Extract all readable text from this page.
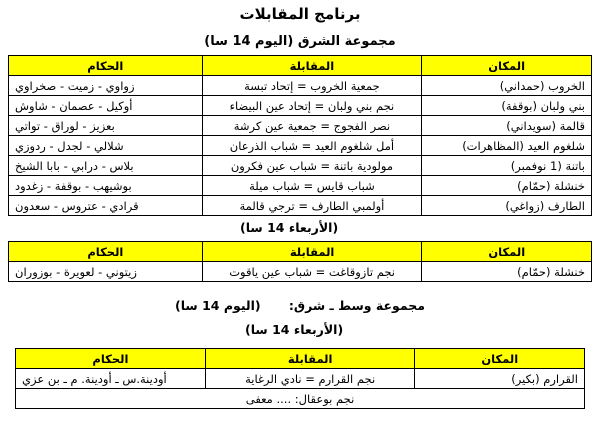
برنامج المقابلات
مجموعة الشرق (اليوم 14 سا)
المكان	المقابلة	الحكام
الخروب (حمداني)	جمعية الخروب = إتحاد تبسة	زواوي - زميت - صخراوي
بني ولبان (بوقفة)	نجم بني ولبان = إتحاد عين البيضاء	أوكيل - عصمان - شاوش
قالمة (سويداني)	نصر الفجوج = جمعية عين كرشة	بعزيز - لوراق - تواتي
شلغوم العيد (المظاهرات)	أمل شلغوم العيد = شباب الذرعان	شلالي - لجدل - ردوزي
باتنة (1 نوفمبر)	مولودية باتنة = شباب عين فكرون	بلاس - درابي - بابا الشيخ
خنشلة (حمّام)	شباب قايس = شباب ميلة	بوشيهب - بوقفة - زغدود
الطارف (زواغي)	أولمبي الطارف = ترجي قالمة	قرادي - عتروس - سعدون
(الأربعاء 14 سا)
المكان	المقابلة	الحكام
خنشلة (حمّام)	نجم تازوقاغت = شباب عين ياقوت	زيتوني - لعويرة - بوزوران
مجموعة وسط ـ شرق:
(اليوم 14 سا)
(الأربعاء 14 سا)
المكان	المقابلة	الحكام
القرارم (بكير)	نجم القرارم = نادي الرغاية	أودينة.س ـ أودينة. م ـ بن عزي
نجم بوعقال: .... معفى		
